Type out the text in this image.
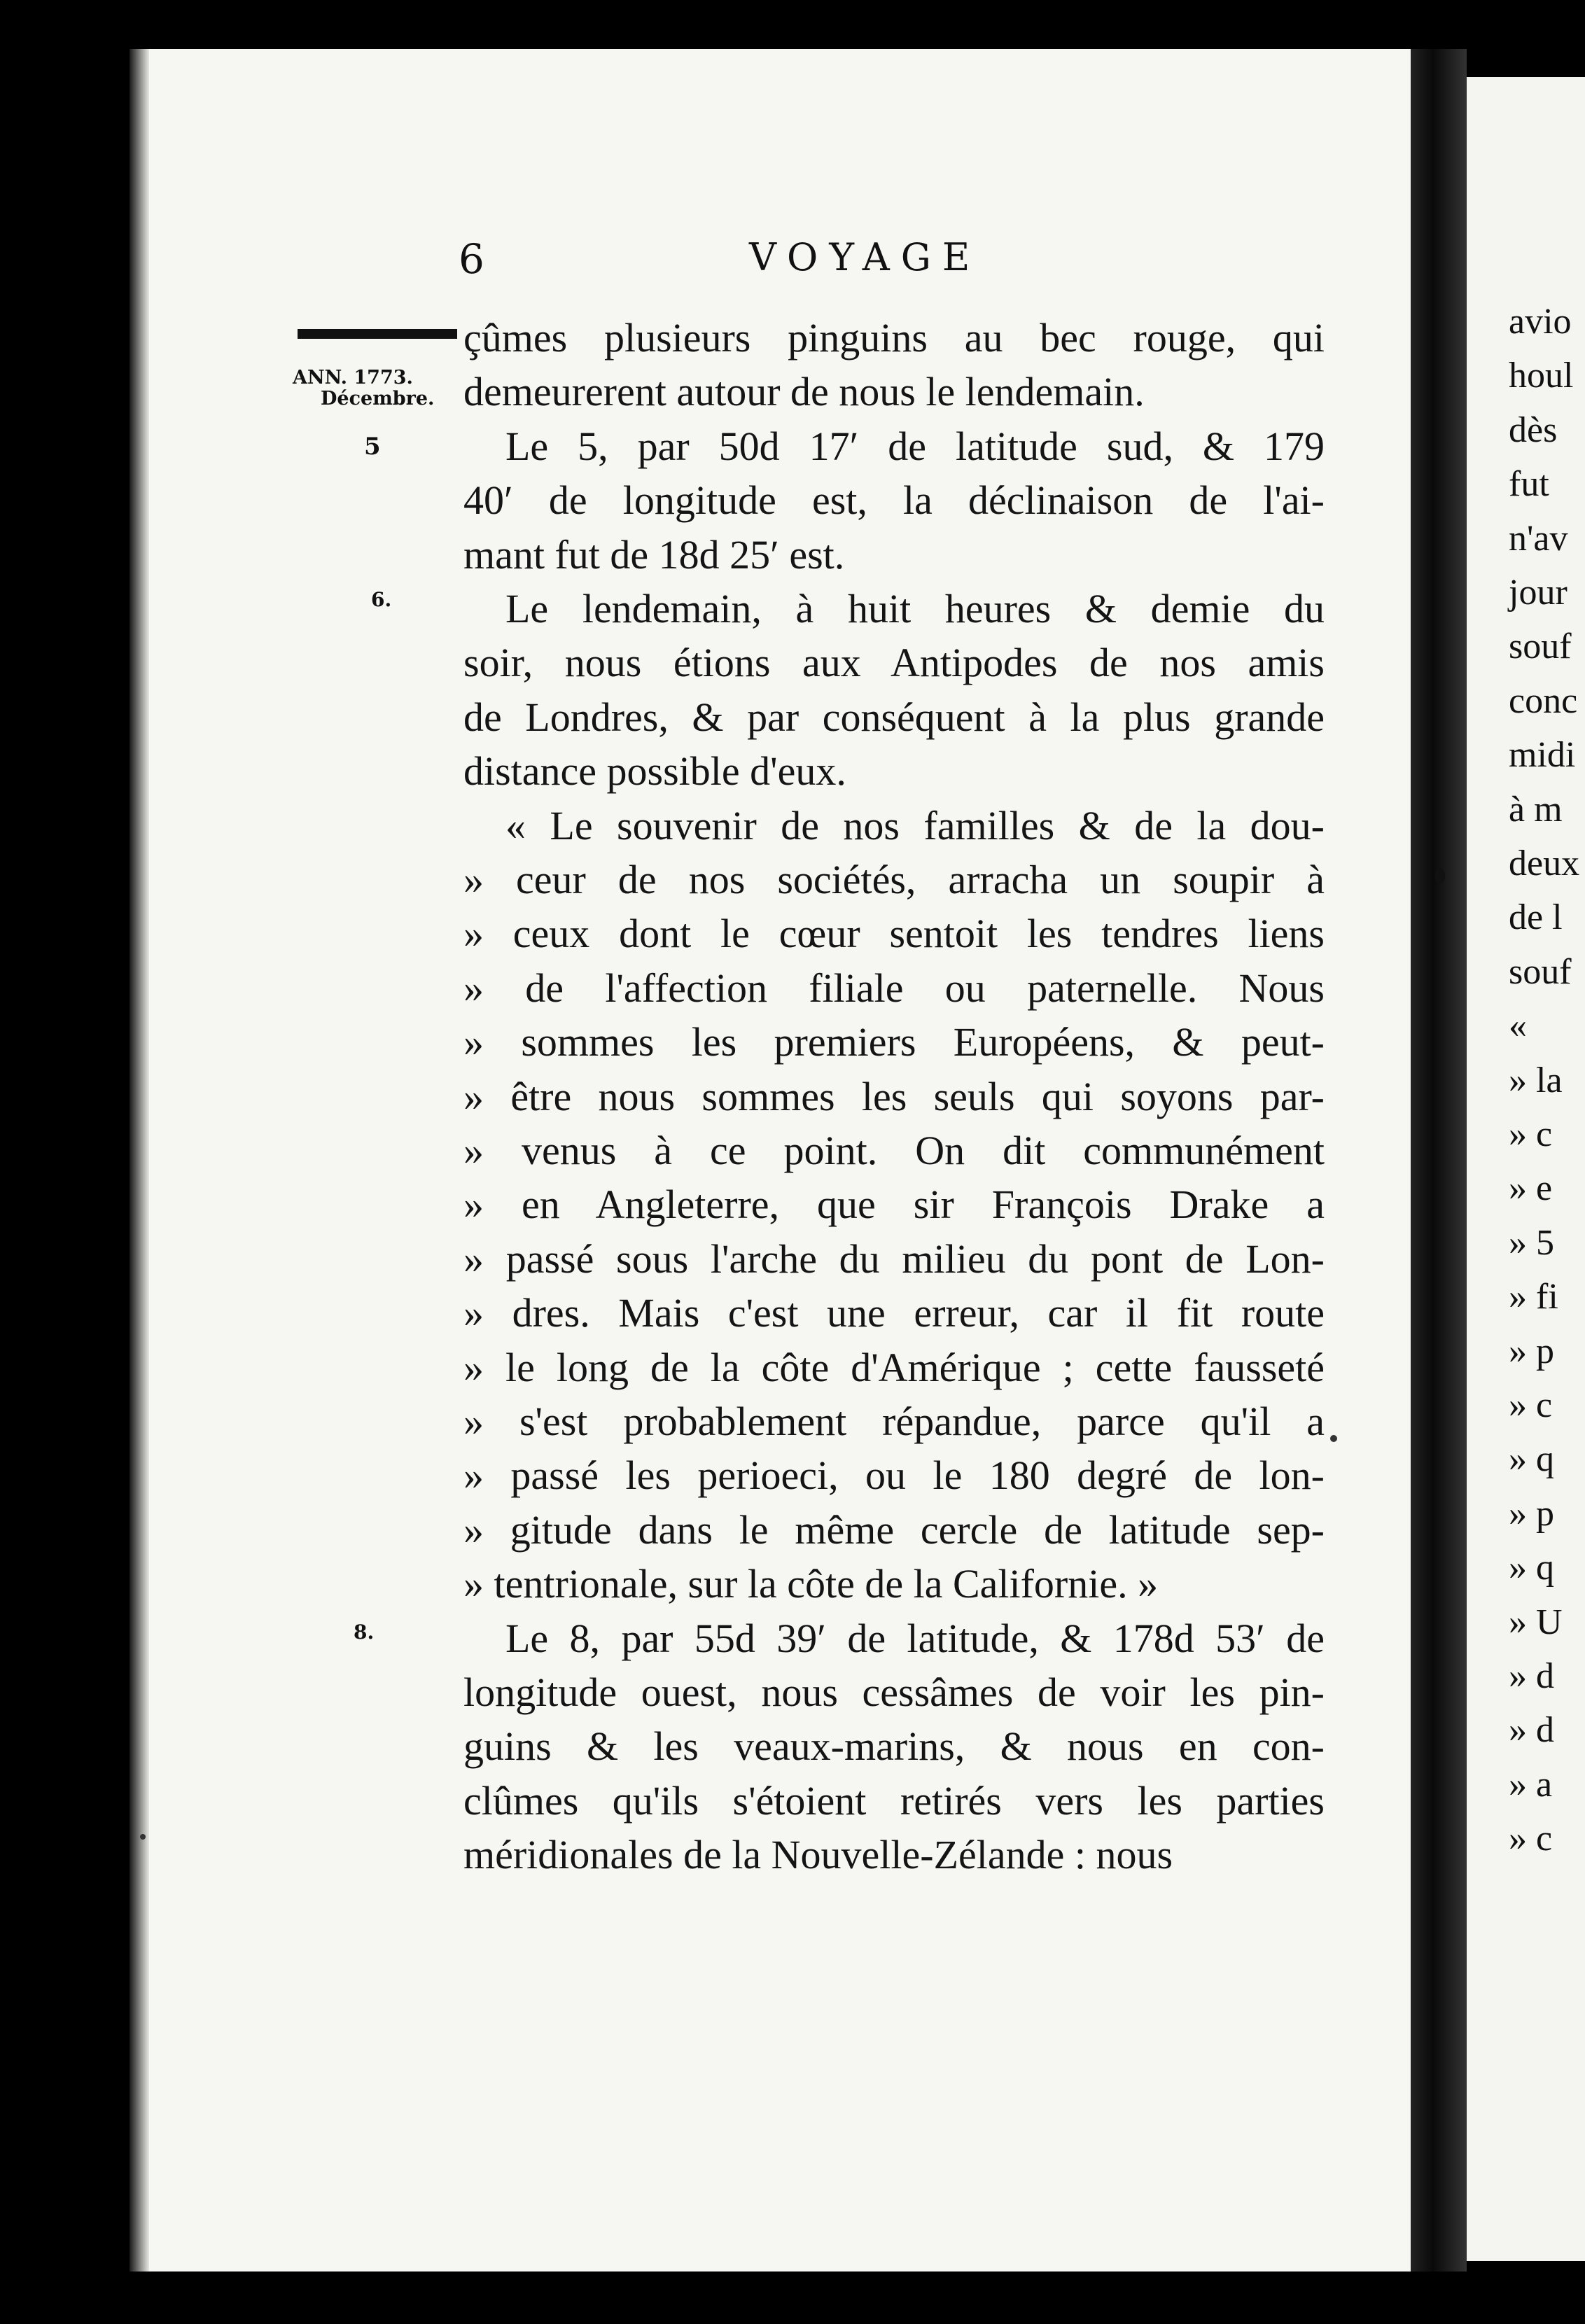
avio
houl
dès
fut
n'av
jour
souf
conc
midi
à m
deux
de l
souf
«
» la
» c
» e
» 5
» fi
» p
» c
» q
» p
» q
» U
» d
» d
» a
» c
6	VOYAGE
ANN. 1773.
Décembre.
5
6.
8.
çûmes plusieurs pinguins au bec rouge, qui
demeurerent autour de nous le lendemain.
Le 5, par 50d 17′ de latitude sud, & 179
40′ de longitude est, la déclinaison de l'ai-
mant fut de 18d 25′ est.
Le lendemain, à huit heures & demie du
soir, nous étions aux Antipodes de nos amis
de Londres, & par conséquent à la plus grande
distance possible d'eux.
« Le souvenir de nos familles & de la dou-
» ceur de nos sociétés, arracha un soupir à
» ceux dont le cœur sentoit les tendres liens
» de l'affection filiale ou paternelle. Nous
» sommes les premiers Européens, & peut-
» être nous sommes les seuls qui soyons par-
» venus à ce point. On dit communément
» en Angleterre, que sir François Drake a
» passé sous l'arche du milieu du pont de Lon-
» dres. Mais c'est une erreur, car il fit route
» le long de la côte d'Amérique ; cette fausseté
» s'est probablement répandue, parce qu'il a
» passé les perioeci, ou le 180 degré de lon-
» gitude dans le même cercle de latitude sep-
» tentrionale, sur la côte de la Californie. »
Le 8, par 55d 39′ de latitude, & 178d 53′ de
longitude ouest, nous cessâmes de voir les pin-
guins & les veaux-marins, & nous en con-
clûmes qu'ils s'étoient retirés vers les parties
méridionales de la Nouvelle-Zélande : nous
